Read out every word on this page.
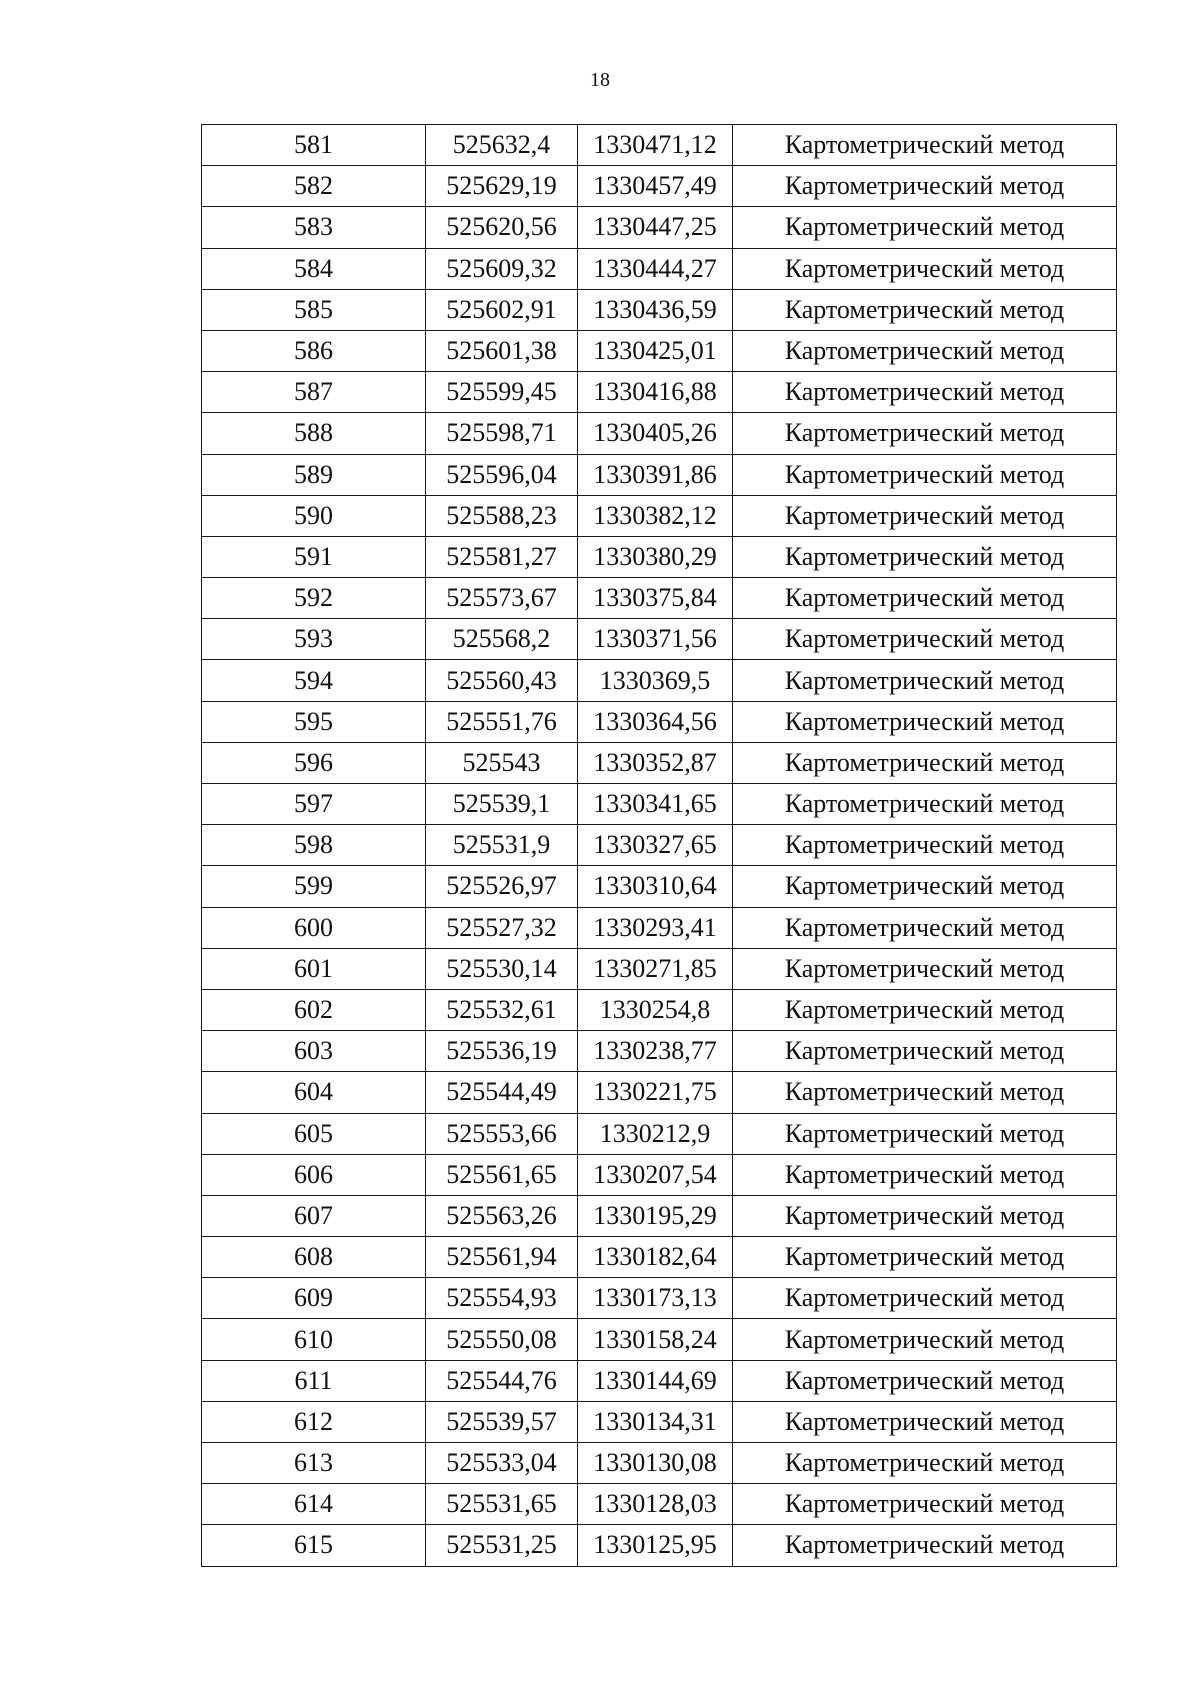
18
581	525632,4	1330471,12	Картометрический метод
582	525629,19	1330457,49	Картометрический метод
583	525620,56	1330447,25	Картометрический метод
584	525609,32	1330444,27	Картометрический метод
585	525602,91	1330436,59	Картометрический метод
586	525601,38	1330425,01	Картометрический метод
587	525599,45	1330416,88	Картометрический метод
588	525598,71	1330405,26	Картометрический метод
589	525596,04	1330391,86	Картометрический метод
590	525588,23	1330382,12	Картометрический метод
591	525581,27	1330380,29	Картометрический метод
592	525573,67	1330375,84	Картометрический метод
593	525568,2	1330371,56	Картометрический метод
594	525560,43	1330369,5	Картометрический метод
595	525551,76	1330364,56	Картометрический метод
596	525543	1330352,87	Картометрический метод
597	525539,1	1330341,65	Картометрический метод
598	525531,9	1330327,65	Картометрический метод
599	525526,97	1330310,64	Картометрический метод
600	525527,32	1330293,41	Картометрический метод
601	525530,14	1330271,85	Картометрический метод
602	525532,61	1330254,8	Картометрический метод
603	525536,19	1330238,77	Картометрический метод
604	525544,49	1330221,75	Картометрический метод
605	525553,66	1330212,9	Картометрический метод
606	525561,65	1330207,54	Картометрический метод
607	525563,26	1330195,29	Картометрический метод
608	525561,94	1330182,64	Картометрический метод
609	525554,93	1330173,13	Картометрический метод
610	525550,08	1330158,24	Картометрический метод
611	525544,76	1330144,69	Картометрический метод
612	525539,57	1330134,31	Картометрический метод
613	525533,04	1330130,08	Картометрический метод
614	525531,65	1330128,03	Картометрический метод
615	525531,25	1330125,95	Картометрический метод
